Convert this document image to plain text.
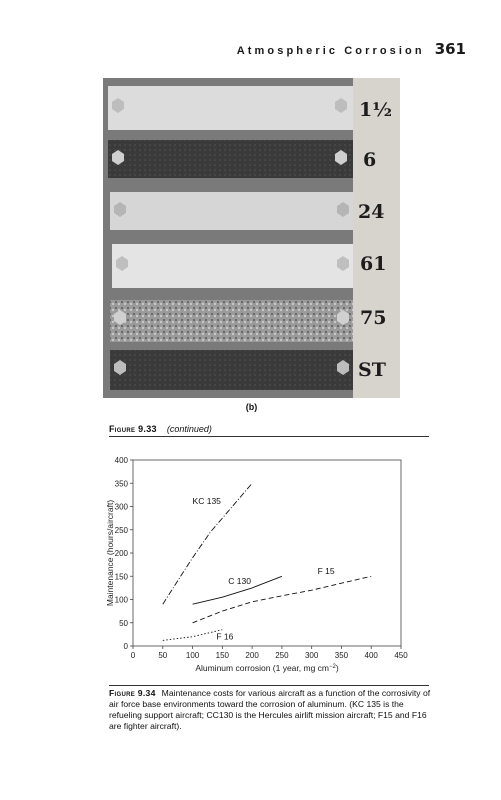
Atmospheric Corrosion 361
1½
6
24
61
75
ST
(b)
Figure 9.33 (continued)
0	50 100 150 200 250 300 350 400 450
0
50
100
150
200
250
300
350
400
KC 135
C 130
F 15
F 16
Maintenance (hours/aircraft)
Aluminum corrosion (1 year, mg $cm^{-2}$)
Figure 9.34 Maintenance costs for various aircraft as a function of the corrosivity of air force base environments toward the corrosion of aluminum. (KC 135 is the refueling support aircraft; CC130 is the Hercules airlift mission aircraft; F15 and F16 are fighter aircraft).
